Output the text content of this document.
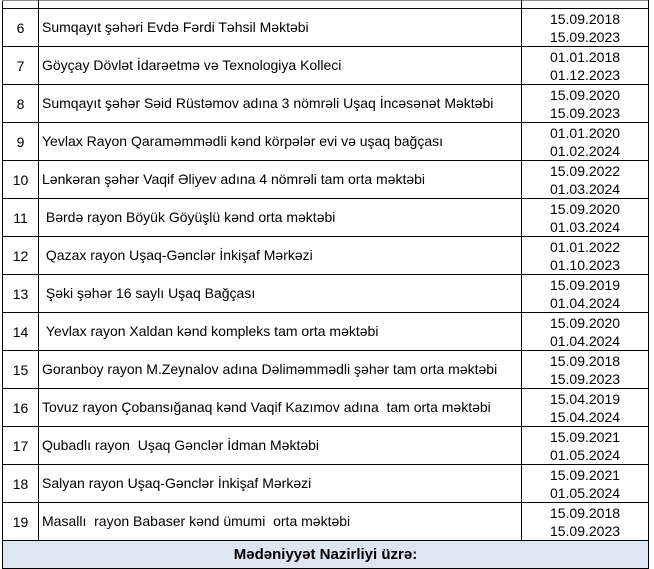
6	Sumqayıt şəhəri Evdə Fərdi Təhsil Məktəbi	15.09.2018
15.09.2023

7	Göyçay Dövlət İdarəetmə və Texnologiya Kolleci	01.01.2018
01.12.2023

8	Sumqayıt şəhər Səid Rüstəmov adına 3 nömrəli Uşaq İncəsənət Məktəbi	15.09.2020
15.09.2023

9	Yevlax Rayon Qaraməmmədli kənd körpələr evi və uşaq bağçası	01.01.2020
01.02.2024

10	Lənkəran şəhər Vaqif Əliyev adına 4 nömrəli tam orta məktəbi	15.09.2022
01.03.2024

11	Bərdə rayon Böyük Göyüşlü kənd orta məktəbi	15.09.2020
01.03.2024

12	Qazax rayon Uşaq-Gənclər İnkişaf Mərkəzi	01.01.2022
01.10.2023

13	Şəki şəhər 16 saylı Uşaq Bağçası	15.09.2019
01.04.2024

14	Yevlax rayon Xaldan kənd kompleks tam orta məktəbi	15.09.2020
01.04.2024

15	Goranboy rayon M.Zeynalov adına Dəliməmmədli şəhər tam orta məktəbi	15.09.2018
15.09.2023

16	Tovuz rayon Çobansığanaq kənd Vaqif Kazımov adına  tam orta məktəbi	15.04.2019
15.04.2024

17	Qubadlı rayon  Uşaq Gənclər İdman Məktəbi	15.09.2021
01.05.2024

18	Salyan rayon Uşaq-Gənclər İnkişaf Mərkəzi	15.09.2021
01.05.2024

19	Masallı  rayon Babaser kənd ümumi  orta məktəbi	15.09.2018
15.09.2023

Mədəniyyət Nazirliyi üzrə:		
